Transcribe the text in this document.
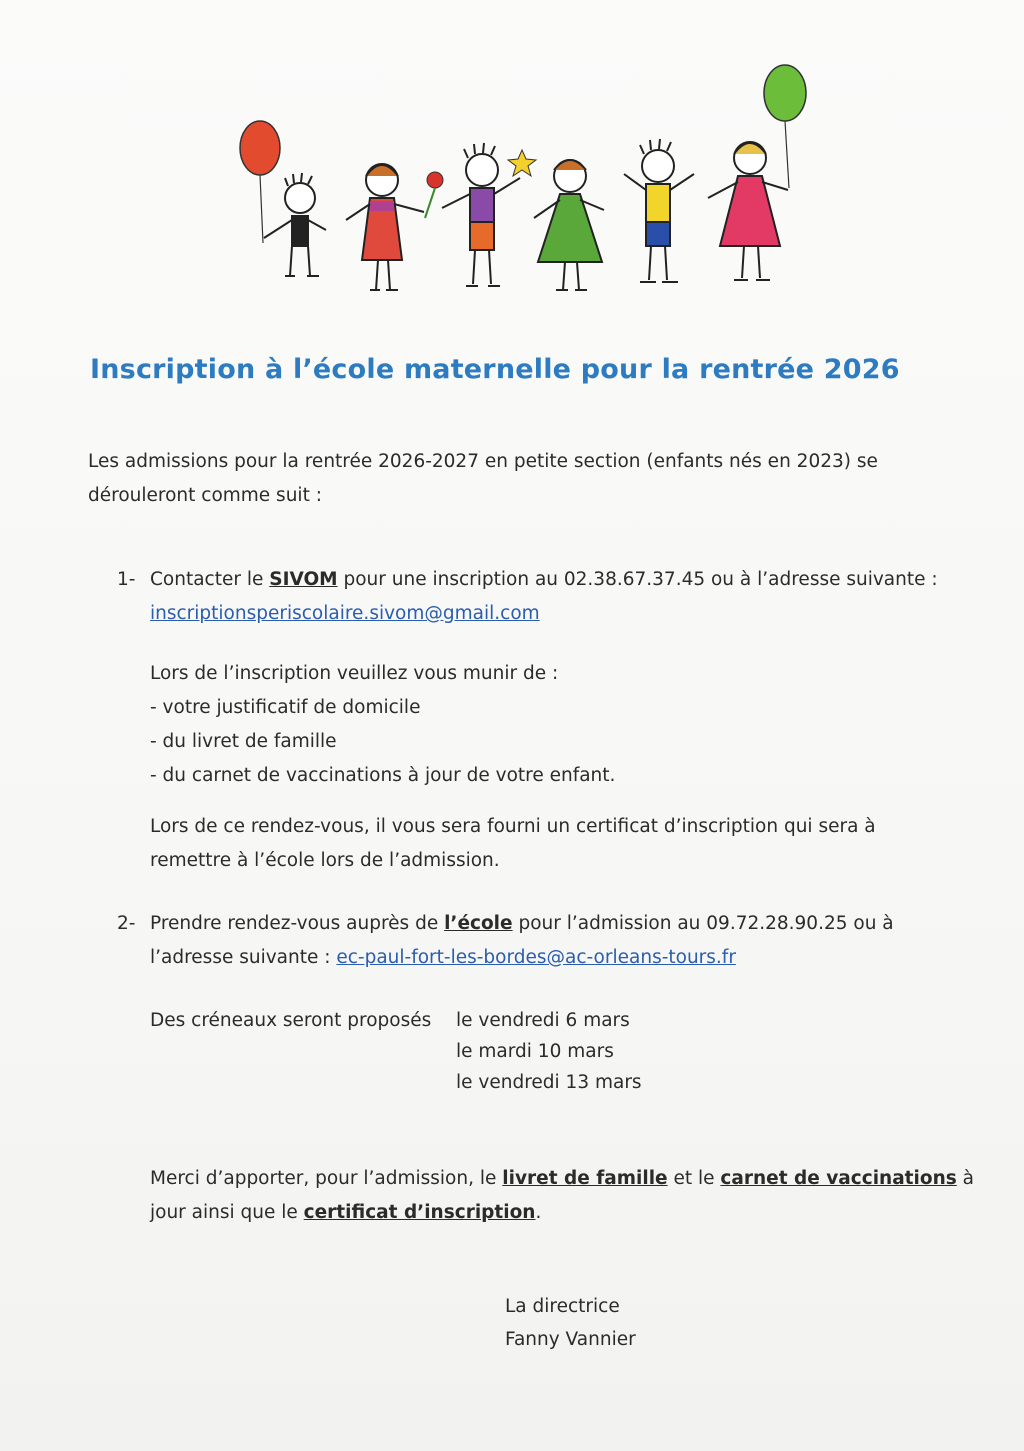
Inscription à l’école maternelle pour la rentrée 2026

Les admissions pour la rentrée 2026-2027 en petite section (enfants nés en 2023) se
dérouleront comme suit :

1- Contacter le SIVOM pour une inscription au 02.38.67.37.45 ou à l’adresse suivante :
inscriptionsperiscolaire.sivom@gmail.com
Lors de l’inscription veuillez vous munir de :
- votre justificatif de domicile
- du livret de famille
- du carnet de vaccinations à jour de votre enfant.
Lors de ce rendez-vous, il vous sera fourni un certificat d’inscription qui sera à
remettre à l’école lors de l’admission.
2- Prendre rendez-vous auprès de l’école pour l’admission au 09.72.28.90.25 ou à
l’adresse suivante : ec-paul-fort-les-bordes@ac-orleans-tours.fr
Des créneaux seront proposés le vendredi 6 mars
le mardi 10 mars
le vendredi 13 mars
Merci d’apporter, pour l’admission, le livret de famille et le carnet de vaccinations à
jour ainsi que le certificat d’inscription.
La directrice
Fanny Vannier
